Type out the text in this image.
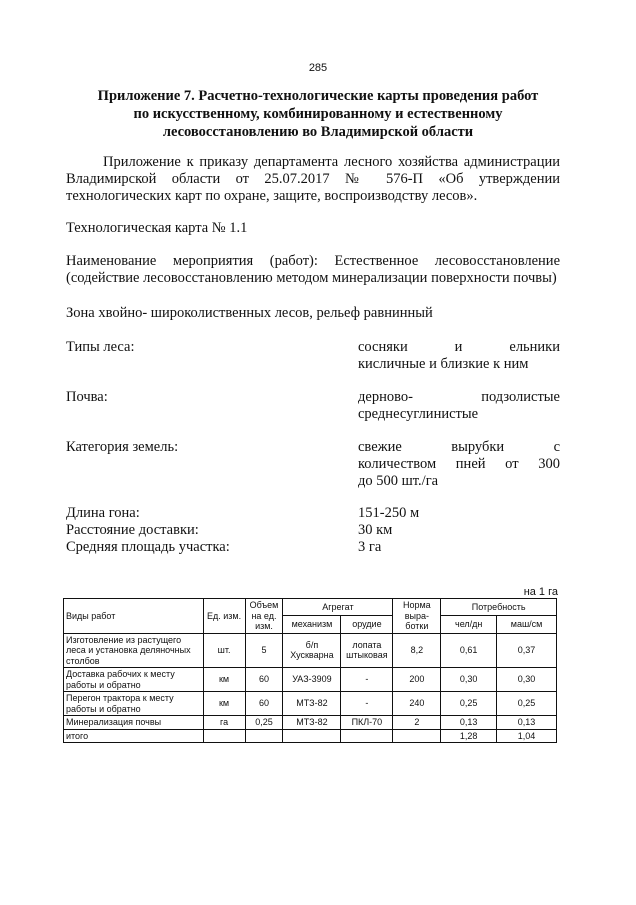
285
Приложение 7. Расчетно-технологические карты проведения работ
по искусственному, комбинированному и естественному
лесовосстановлению во Владимирской области
Приложение к приказу департамента лесного хозяйства администрации Владимирской области от 25.07.2017 № 576-П «Об утверждении технологических карт по охране, защите, воспроизводству лесов».
Технологическая карта № 1.1
Наименование мероприятия (работ): Естественное лесовосстановление (содействие лесовосстановлению методом минерализации поверхности почвы)
Зона хвойно- широколиственных лесов, рельеф равнинный
Типы леса:	сосняки и ельники
кисличные и близкие к ним
Почва:	дерново- подзолистые
среднесуглинистые
Категория земель:	свежие вырубки с
количеством пней от 300
до 500 шт./га
Длина гона:	151-250 м
Расстояние доставки:	30 км
Средняя площадь участка:	3 га
на 1 га
Виды работ	Ед. изм.	Объем на ед. изм.	Агрегат		Норма выра-ботки	Потребность	
			механизм	орудие		чел/дн	маш/см
Изготовление из растущего леса и установка деляночных столбов	шт.	5	б/п Хускварна	лопата штыковая	8,2	0,61	0,37
Доставка рабочих к месту работы и обратно	км	60	УАЗ-3909	-	200	0,30	0,30
Перегон трактора к месту работы и обратно	км	60	МТЗ-82	-	240	0,25	0,25
Минерализация почвы	га	0,25	МТЗ-82	ПКЛ-70	2	0,13	0,13
итого						1,28	1,04
